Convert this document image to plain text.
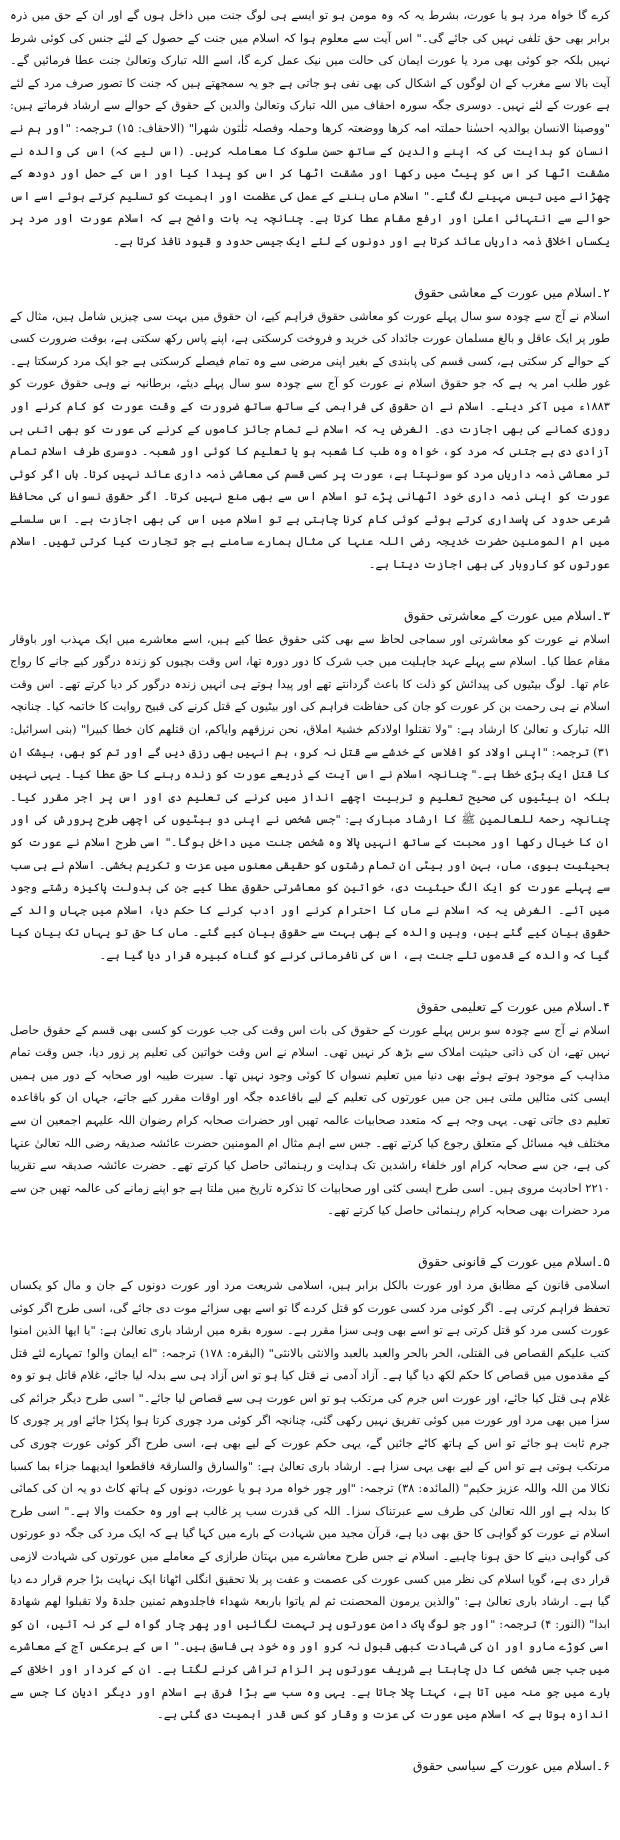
کرے گا خواہ مرد ہو یا عورت، بشرط یہ کہ وہ مومن ہو تو ایسے ہی لوگ جنت میں داخل ہوں گے اور ان کے حق میں ذرہ برابر بھی حق تلفی نہیں کی جائے گی۔" اس آیت سے معلوم ہوا کہ اسلام میں جنت کے حصول کے لئے جنس کی کوئی شرط نہیں بلکہ جو کوئی بھی مرد یا عورت ایمان کی حالت میں نیک عمل کرے گا، اسے اللہ تبارک وتعالیٰ جنت عطا فرمائیں گے۔ آیت بالا سے مغرب کے ان لوگوں کے اشکال کی بھی نفی ہو جاتی ہے جو یہ سمجھتے ہیں کہ جنت کا تصور صرف مرد کے لئے ہے عورت کے لئے نہیں۔ دوسری جگہ سورہ احقاف میں اللہ تبارک وتعالیٰ والدین کے حقوق کے حوالے سے ارشاد فرماتے ہیں: "ووصینا الانسان بوالدیہ احسٰنا حملتہ امہ کرھا ووضعتہ کرھا وحملہ وفصلہ ثلٰثون شھرا" (الاحقاف: ۱۵) ترجمہ: "اور ہم نے انسان کو ہدایت کی کہ اپنے والدین کے ساتھ حسن سلوک کا معاملہ کریں۔ (اس لیے کہ) اس کی والدہ نے مشقت اٹھا کر اس کو پیٹ میں رکھا اور مشقت اٹھا کر اس کو پیدا کیا اور اس کے حمل اور دودھ کے چھڑانے میں تیس مہینے لگ گئے۔" اسلام ماں بننے کے عمل کی عظمت اور اہمیت کو تسلیم کرتے ہوئے اسے اس حوالے سے انتہائی اعلیٰ اور ارفع مقام عطا کرتا ہے۔ چنانچہ یہ بات واضح ہے کہ اسلام عورت اور مرد پر یکساں اخلاقی ذمہ داریاں عائد کرتا ہے اور دونوں کے لئے ایک جیسی حدود و قیود نافذ کرتا ہے۔

۲۔اسلام میں عورت کے معاشی حقوق

اسلام نے آج سے چودہ سو سال پہلے عورت کو معاشی حقوق فراہم کیے، ان حقوق میں بہت سی چیزیں شامل ہیں، مثال کے طور پر ایک عاقل و بالغ مسلمان عورت جائداد کی خرید و فروخت کرسکتی ہے، اپنے پاس رکھ سکتی ہے، بوقت ضرورت کسی کے حوالے کر سکتی ہے، کسی قسم کی پابندی کے بغیر اپنی مرضی سے وہ تمام فیصلے کرسکتی ہے جو ایک مرد کرسکتا ہے۔ غور طلب امر یہ ہے کہ جو حقوق اسلام نے عورت کو آج سے چودہ سو سال پہلے دیئے، برطانیہ نے وہی حقوق عورت کو ۱۸۸۳ء میں آکر دیئے۔ اسلام نے ان حقوق کی فراہمی کے ساتھ ساتھ ضرورت کے وقت عورت کو کام کرنے اور روزی کمانے کی بھی اجازت دی۔ الغرض یہ کہ اسلام نے تمام جائز کاموں کے کرنے کی عورت کو بھی اتنی ہی آزادی دی ہے جتنی کہ مرد کو، خواہ وہ طب کا شعبہ ہو یا تعلیم کا کوئی اور شعبہ۔ دوسری طرف اسلام تمام تر معاشی ذمہ داریاں مرد کو سونپتا ہے، عورت پر کسی قسم کی معاشی ذمہ داری عائد نہیں کرتا۔ ہاں اگر کوئی عورت کو اپنی ذمہ داری خود اٹھانی پڑے تو اسلام اس سے بھی منع نہیں کرتا۔ اگر حقوق نسواں کی محافظ شرعی حدود کی پاسداری کرتے ہوئے کوئی کام کرنا چاہتی ہے تو اسلام میں اس کی بھی اجازت ہے۔ اس سلسلے میں ام المومنین حضرت خدیجہ رضی اللہ عنہا کی مثال ہمارے سامنے ہے جو تجارت کیا کرتی تھیں۔ اسلام عورتوں کو کاروبار کی بھی اجازت دیتا ہے۔

۳۔اسلام میں عورت کے معاشرتی حقوق

اسلام نے عورت کو معاشرتی اور سماجی لحاظ سے بھی کئی حقوق عطا کیے ہیں، اسے معاشرے میں ایک مہذب اور باوقار مقام عطا کیا۔ اسلام سے پہلے عہد جاہلیت میں جب شرک کا دور دورہ تھا، اس وقت بچیوں کو زندہ درگور کیے جانے کا رواج عام تھا۔ لوگ بیٹیوں کی پیدائش کو ذلت کا باعث گردانتے تھے اور پیدا ہوتے ہی انہیں زندہ درگور کر دیا کرتے تھے۔ اس وقت اسلام نے ہی رحمت بن کر عورت کو جان کی حفاظت فراہم کی اور بیٹیوں کے قتل کرنے کی قبیح روایت کا خاتمہ کیا۔ چنانچہ اللہ تبارک و تعالیٰ کا ارشاد ہے: "ولا تقتلوا اولادکم خشیۃ املاق، نحن نرزقھم وایاکم، ان قتلھم کان خطا کبیرا" (بنی اسرائیل: ۳۱) ترجمہ: "اپنی اولاد کو افلاس کے خدشے سے قتل نہ کرو، ہم انہیں بھی رزق دیں گے اور تم کو بھی، بیشک ان کا قتل ایک بڑی خطا ہے۔" چنانچہ اسلام نے اس آیت کے ذریعے عورت کو زندہ رہنے کا حق عطا کیا۔ یہی نہیں بلکہ ان بیٹیوں کی صحیح تعلیم و تربیت اچھے انداز میں کرنے کی تعلیم دی اور اس پر اجر مقرر کیا۔ چنانچہ رحمۃ للعالمین ﷺ کا ارشاد مبارک ہے: "جس شخص نے اپنی دو بیٹیوں کی اچھی طرح پرورش کی اور ان کا خیال رکھا اور محبت کے ساتھ انہیں پالا وہ شخص جنت میں داخل ہوگا۔" اسی طرح اسلام نے عورت کو بحیثیت بیوی، ماں، بہن اور بیٹی ان تمام رشتوں کو حقیقی معنوں میں عزت و تکریم بخشی۔ اسلام نے ہی سب سے پہلے عورت کو ایک الگ حیثیت دی، خواتین کو معاشرتی حقوق عطا کیے جن کی بدولت پاکیزہ رشتے وجود میں آئے۔ الغرض یہ کہ اسلام نے ماں کا احترام کرنے اور ادب کرنے کا حکم دیا، اسلام میں جہاں والد کے حقوق بیان کیے گئے ہیں، وہیں والدہ کے بھی بہت سے حقوق بیان کیے گئے۔ ماں کا حق تو یہاں تک بیان کیا گیا کہ والدہ کے قدموں تلے جنت ہے، اس کی نافرمانی کرنے کو گناہ کبیرہ قرار دیا گیا ہے۔

۴۔اسلام میں عورت کے تعلیمی حقوق

اسلام نے آج سے چودہ سو برس پہلے عورت کے حقوق کی بات اس وقت کی جب عورت کو کسی بھی قسم کے حقوق حاصل نہیں تھے، ان کی ذاتی حیثیت املاک سے بڑھ کر نہیں تھی۔ اسلام نے اس وقت خواتین کی تعلیم پر زور دیا، جس وقت تمام مذاہب کے موجود ہوتے ہوئے بھی دنیا میں تعلیم نسواں کا کوئی وجود نہیں تھا۔ سیرت طیبہ اور صحابہ کے دور میں ہمیں ایسی کئی مثالیں ملتی ہیں جن میں عورتوں کی تعلیم کے لیے باقاعدہ جگہ اور اوقات مقرر کیے جاتے، جہاں ان کو باقاعدہ تعلیم دی جاتی تھی۔ یہی وجہ ہے کہ متعدد صحابیات عالمہ تھیں اور حضرات صحابہ کرام رضوان اللہ علیہم اجمعین ان سے مختلف فیہ مسائل کے متعلق رجوع کیا کرتے تھے۔ جس سے اہم مثال ام المومنین حضرت عائشہ صدیقہ رضی اللہ تعالیٰ عنہا کی ہے، جن سے صحابہ کرام اور خلفاء راشدین تک ہدایت و رہنمائی حاصل کیا کرتے تھے۔ حضرت عائشہ صدیقہ سے تقریبا ۲۲۱۰ احادیث مروی ہیں۔ اسی طرح ایسی کئی اور صحابیات کا تذکرہ تاریخ میں ملتا ہے جو اپنے زمانے کی عالمہ تھیں جن سے مرد حضرات بھی صحابہ کرام رہنمائی حاصل کیا کرتے تھے۔

۵۔اسلام میں عورت کے قانونی حقوق

اسلامی قانون کے مطابق مرد اور عورت بالکل برابر ہیں، اسلامی شریعت مرد اور عورت دونوں کے جان و مال کو یکساں تحفظ فراہم کرتی ہے۔ اگر کوئی مرد کسی عورت کو قتل کردے گا تو اسے بھی سزائے موت دی جائے گی، اسی طرح اگر کوئی عورت کسی مرد کو قتل کرتی ہے تو اسے بھی وہی سزا مقرر ہے۔ سورہ بقرہ میں ارشاد باری تعالیٰ ہے: "یا ایھا الذین امنوا کتب علیکم القصاص فی القتلی، الحر بالحر والعبد بالعبد والانثی بالانثی" (البقرہ: ۱۷۸) ترجمہ: "اے ایمان والو! تمہارے لئے قتل کے مقدموں میں قصاص کا حکم لکھ دیا گیا ہے۔ آزاد آدمی نے قتل کیا ہو تو اس آزاد ہی سے بدلہ لیا جائے، غلام قاتل ہو تو وہ غلام ہی قتل کیا جائے، اور عورت اس جرم کی مرتکب ہو تو اس عورت ہی سے قصاص لیا جائے۔" اسی طرح دیگر جرائم کی سزا میں بھی مرد اور عورت میں کوئی تفریق نہیں رکھی گئی، چنانچہ اگر کوئی مرد چوری کرتا ہوا پکڑا جائے اور پر چوری کا جرم ثابت ہو جائے تو اس کے ہاتھ کاٹے جائیں گے، یہی حکم عورت کے لیے بھی ہے، اسی طرح اگر کوئی عورت چوری کی مرتکب ہوتی ہے تو اس کے لیے بھی یہی سزا ہے۔ ارشاد باری تعالیٰ ہے: "والسارق والسارقۃ فاقطعوا ایدیھما جزاء بما کسبا نکالا من اللہ واللہ عزیز حکیم" (المائدہ: ۳۸) ترجمہ: "اور چور خواہ مرد ہو یا عورت، دونوں کے ہاتھ کاٹ دو یہ ان کی کمائی کا بدلہ ہے اور اللہ تعالیٰ کی طرف سے عبرتناک سزا۔ اللہ کی قدرت سب پر غالب ہے اور وہ حکمت والا ہے۔" اسی طرح اسلام نے عورت کو گواہی کا حق بھی دیا ہے، قرآن مجید میں شہادت کے بارے میں کہا گیا ہے کہ ایک مرد کی جگہ دو عورتوں کی گواہی دینے کا حق ہونا چاہیے۔ اسلام نے جس طرح معاشرے میں بہتان طرازی کے معاملے میں عورتوں کی شہادت لازمی قرار دی ہے، گویا اسلام کی نظر میں کسی عورت کی عصمت و عفت پر بلا تحقیق انگلی اٹھانا ایک نہایت بڑا جرم قرار دے دیا گیا ہے۔ ارشاد باری تعالیٰ ہے: "والذین یرمون المحصنت ثم لم یاتوا باربعۃ شھداء فاجلدوھم ثمنین جلدۃ ولا تقبلوا لھم شھادۃ ابدا" (النور: ۴) ترجمہ: "اور جو لوگ پاک دامن عورتوں پر تہمت لگائیں اور پھر چار گواہ لے کر نہ آئیں، ان کو اسی کوڑے مارو اور ان کی شہادت کبھی قبول نہ کرو اور وہ خود ہی فاسق ہیں۔" اس کے برعکس آج کے معاشرے میں جب جس شخص کا دل چاہتا ہے شریف عورتوں پر الزام تراشی کرنے لگتا ہے۔ ان کے کردار اور اخلاق کے بارے میں جو منہ میں آتا ہے، کہتا چلا جاتا ہے۔ یہی وہ سب سے بڑا فرق ہے اسلام اور دیگر ادیان کا جس سے اندازہ ہوتا ہے کہ اسلام میں عورت کی عزت و وقار کو کس قدر اہمیت دی گئی ہے۔

۶۔اسلام میں عورت کے سیاسی حقوق
